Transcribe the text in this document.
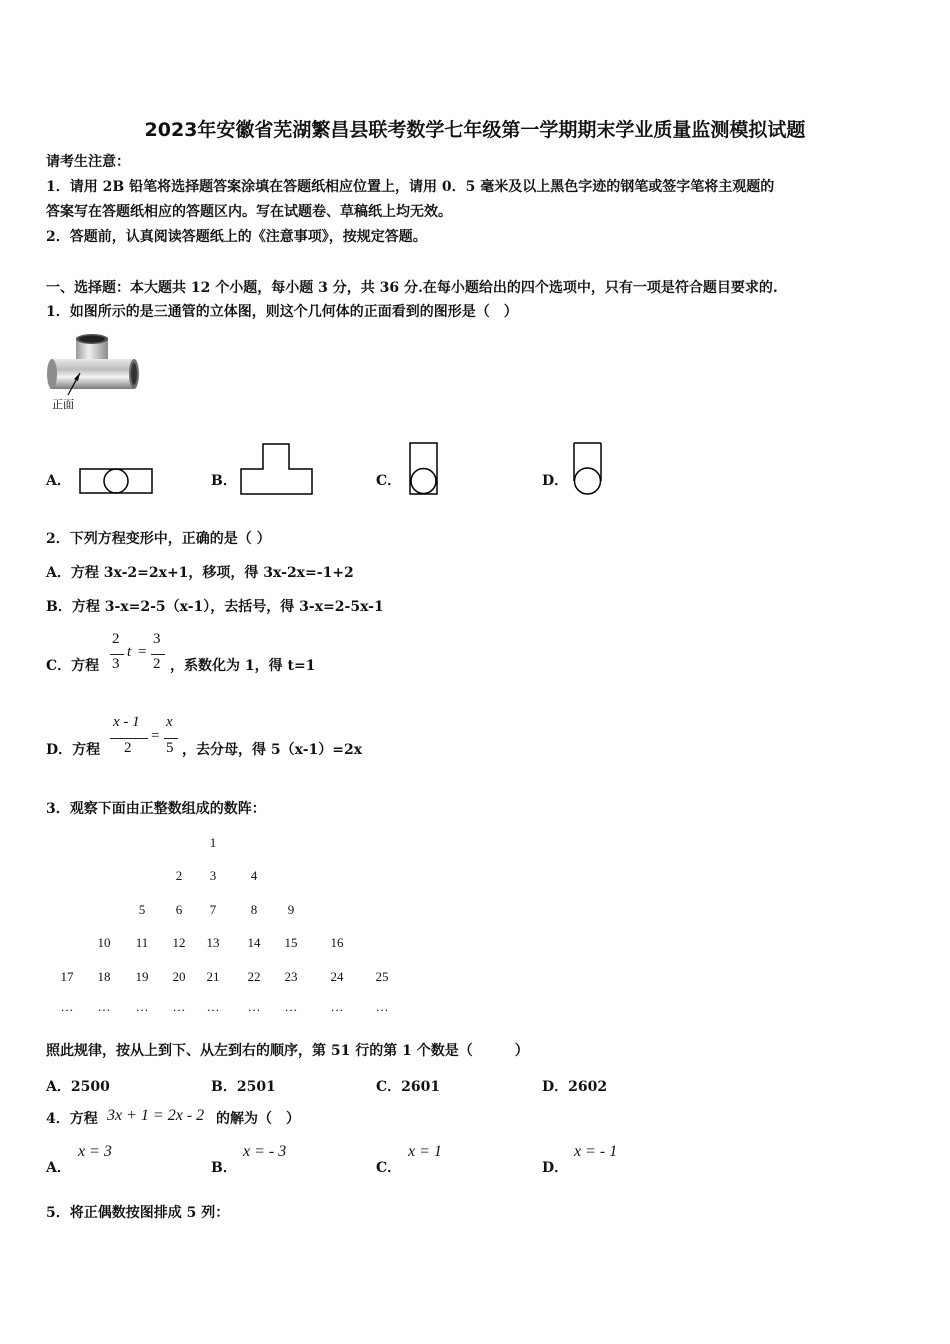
2023年安徽省芜湖繁昌县联考数学七年级第一学期期末学业质量监测模拟试题
请考生注意：
1．请用 2B 铅笔将选择题答案涂填在答题纸相应位置上，请用 0．5 毫米及以上黑色字迹的钢笔或签字笔将主观题的
答案写在答题纸相应的答题区内。写在试题卷、草稿纸上均无效。
2．答题前，认真阅读答题纸上的《注意事项》，按规定答题。
一、选择题：本大题共 12 个小题，每小题 3 分，共 36 分.在每小题给出的四个选项中，只有一项是符合题目要求的.
1．如图所示的是三通管的立体图，则这个几何体的正面看到的图形是（　）
正面
A．	B．	C．	D．
2．下列方程变形中，正确的是（ ）
A．方程 3x-2=2x+1，移项，得 3x-2x=-1+2
B．方程 3-x=2-5（x-1），去括号，得 3-x=2-5x-1
C．方程
2
3
t =
3
2 ，系数化为 1，得 t=1
D．方程
x - 1
2
=
x
5 ，去分母，得 5（x-1）=2x
3．观察下面由正整数组成的数阵：
1
2	3	4
5	6	7	8	9
10	11	12	13	14	15	16
17	18	19	20	21	22	23	24	25
…	…	…	…	…	…	…	…	…
照此规律，按从上到下、从左到右的顺序，第 51 行的第 1 个数是（　　　）
A．2500	B．2501	C．2601	D．2602
4．方程 3x + 1 = 2x - 2 的解为（　）
A．
x = 3
B．
x = - 3
C．
x = 1
D．
x = - 1
5．将正偶数按图排成 5 列：
